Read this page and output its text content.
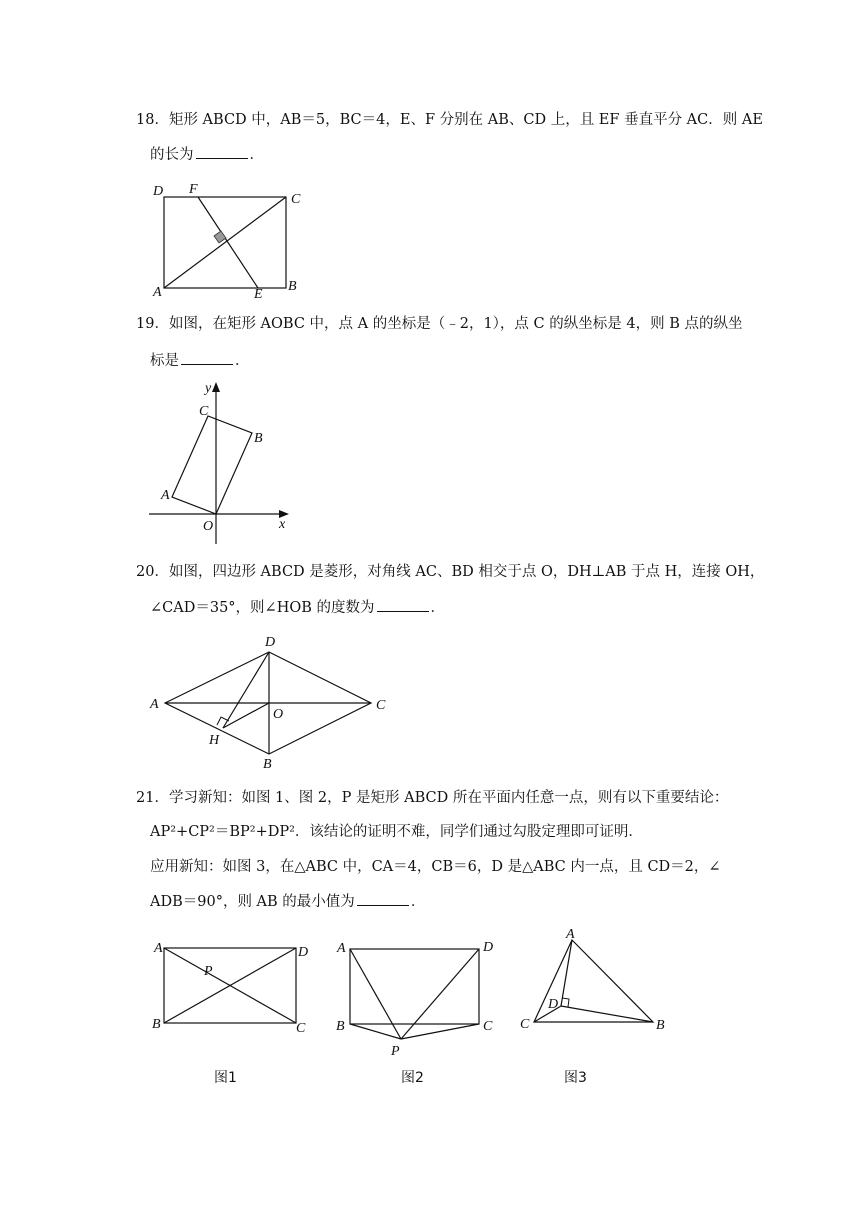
18．矩形 ABCD 中，AB＝5，BC＝4，E、F 分别在 AB、CD 上，且 EF 垂直平分 AC．则 AE
的长为	．
D F
C
A	E
B
19．如图，在矩形 AOBC 中，点 A 的坐标是（﹣2，1），点 C 的纵坐标是 4，则 B 点的纵坐
标是	．
y
C
B
A
O	x
20．如图，四边形 ABCD 是菱形，对角线 AC、BD 相交于点 O，DH⊥AB 于点 H，连接 OH，
∠CAD＝35°，则∠HOB 的度数为	．
D
A
O
C
H
B
21．学习新知：如图 1、图 2，P 是矩形 ABCD 所在平面内任意一点，则有以下重要结论：
AP²+CP²＝BP²+DP²．该结论的证明不难，同学们通过勾股定理即可证明．
应用新知：如图 3，在△ABC 中，CA＝4，CB＝6，D 是△ABC 内一点，且 CD＝2，∠
ADB＝90°，则 AB 的最小值为	．
A
P
D
B	C
图1
A	D
B	C
P
图2
A
D
C	B
图3
